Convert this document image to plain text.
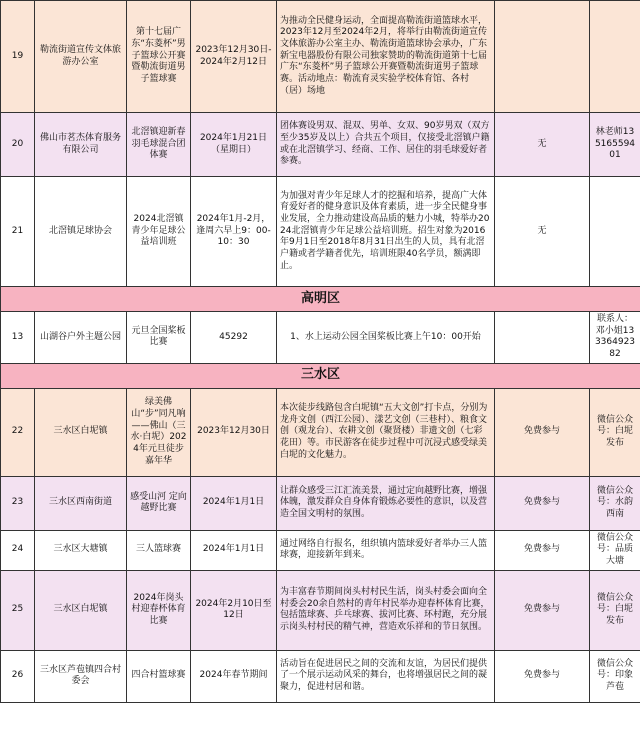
19	勒流街道宣传文体旅游办公室	第十七届广东“东菱杯”男子篮球公开赛暨勒流街道男子篮球赛	2023年12月30日-2024年2月12日	为推动全民健身运动，全面提高勒流街道篮球水平，2023年12月至2024年2月，将举行由勒流街道宣传文体旅游办公室主办、勒流街道篮球协会承办，广东新宝电器股份有限公司独家赞助的勒流街道第十七届广东“东菱杯”男子篮球公开赛暨勒流街道男子篮球赛。活动地点：勒流育灵实验学校体育馆、各村（居）场地		
20	佛山市茗杰体育服务有限公司	北滘镇迎新春羽毛球混合团体赛	2024年1月21日（星期日）	团体赛设男双、混双、男单、女双、90岁男双（双方至少35岁及以上）合共五个项目，仅接受北滘镇户籍或在北滘镇学习、经商、工作、居住的羽毛球爱好者参赛。	无	林老师13516559401
21	北滘镇足球协会	2024北滘镇青少年足球公益培训班	2024年1月-2月，逢周六早上9：00-10：30	为加强对青少年足球人才的挖掘和培养，提高广大体育爱好者的健身意识及体育素质，进一步全民健身事业发展，全力推动建设高品质的魅力小城，特举办2024北滘镇青少年足球公益培训班。招生对象为2016年9月1日至2018年8月31日出生的人员，具有北滘户籍或者学籍者优先，培训班限40名学员，额满即止。	无	
高明区						
13	山湖谷户外主题公园	元旦全国桨板比赛	45292	1、水上运动公园全国桨板比赛上午10：00开始		联系人：邓小姐13336492382
三水区						
22	三水区白坭镇	绿美佛山“步”同凡响——佛山（三水·白坭）2024年元旦徒步嘉年华	2023年12月30日	本次徒步线路包含白坭镇“五大文创”打卡点，分别为龙舟文创（西江公园）、漾艺文创（三巷村）、粮食文创（观龙台）、农耕文创（聚贤楼）非遗文创（七彩花田）等。市民游客在徒步过程中可沉浸式感受绿美白坭的文化魅力。	免费参与	微信公众号：白坭发布
23	三水区西南街道	感受山河 定向越野比赛	2024年1月1日	让群众感受三江汇流美景，通过定向越野比赛，增强体魄，激发群众自身体育锻炼必要性的意识，以及营造全国文明村的氛围。	免费参与	微信公众号：水韵西南
24	三水区大塘镇	三人篮球赛	2024年1月1日	通过网络自行报名，组织镇内篮球爱好者举办三人篮球赛，迎接新年到来。	免费参与	微信公众号：品质大塘
25	三水区白坭镇	2024年岗头村迎春杯体育比赛	2024年2月10日至12日	为丰富春节期间岗头村村民生活，岗头村委会面向全村委会20余自然村的青年村民举办迎春杯体育比赛，包括篮球赛、乒乓球赛、拔河比赛、环村跑，充分展示岗头村村民的精气神，营造欢乐祥和的节日氛围。	免费参与	微信公众号：白坭发布
26	三水区芦苞镇四合村委会	四合村篮球赛	2024年春节期间	活动旨在促进居民之间的交流和友谊，为居民们提供了一个展示运动风采的舞台，也将增强居民之间的凝聚力，促进村居和谐。	免费参与	微信公众号：印象芦苞
